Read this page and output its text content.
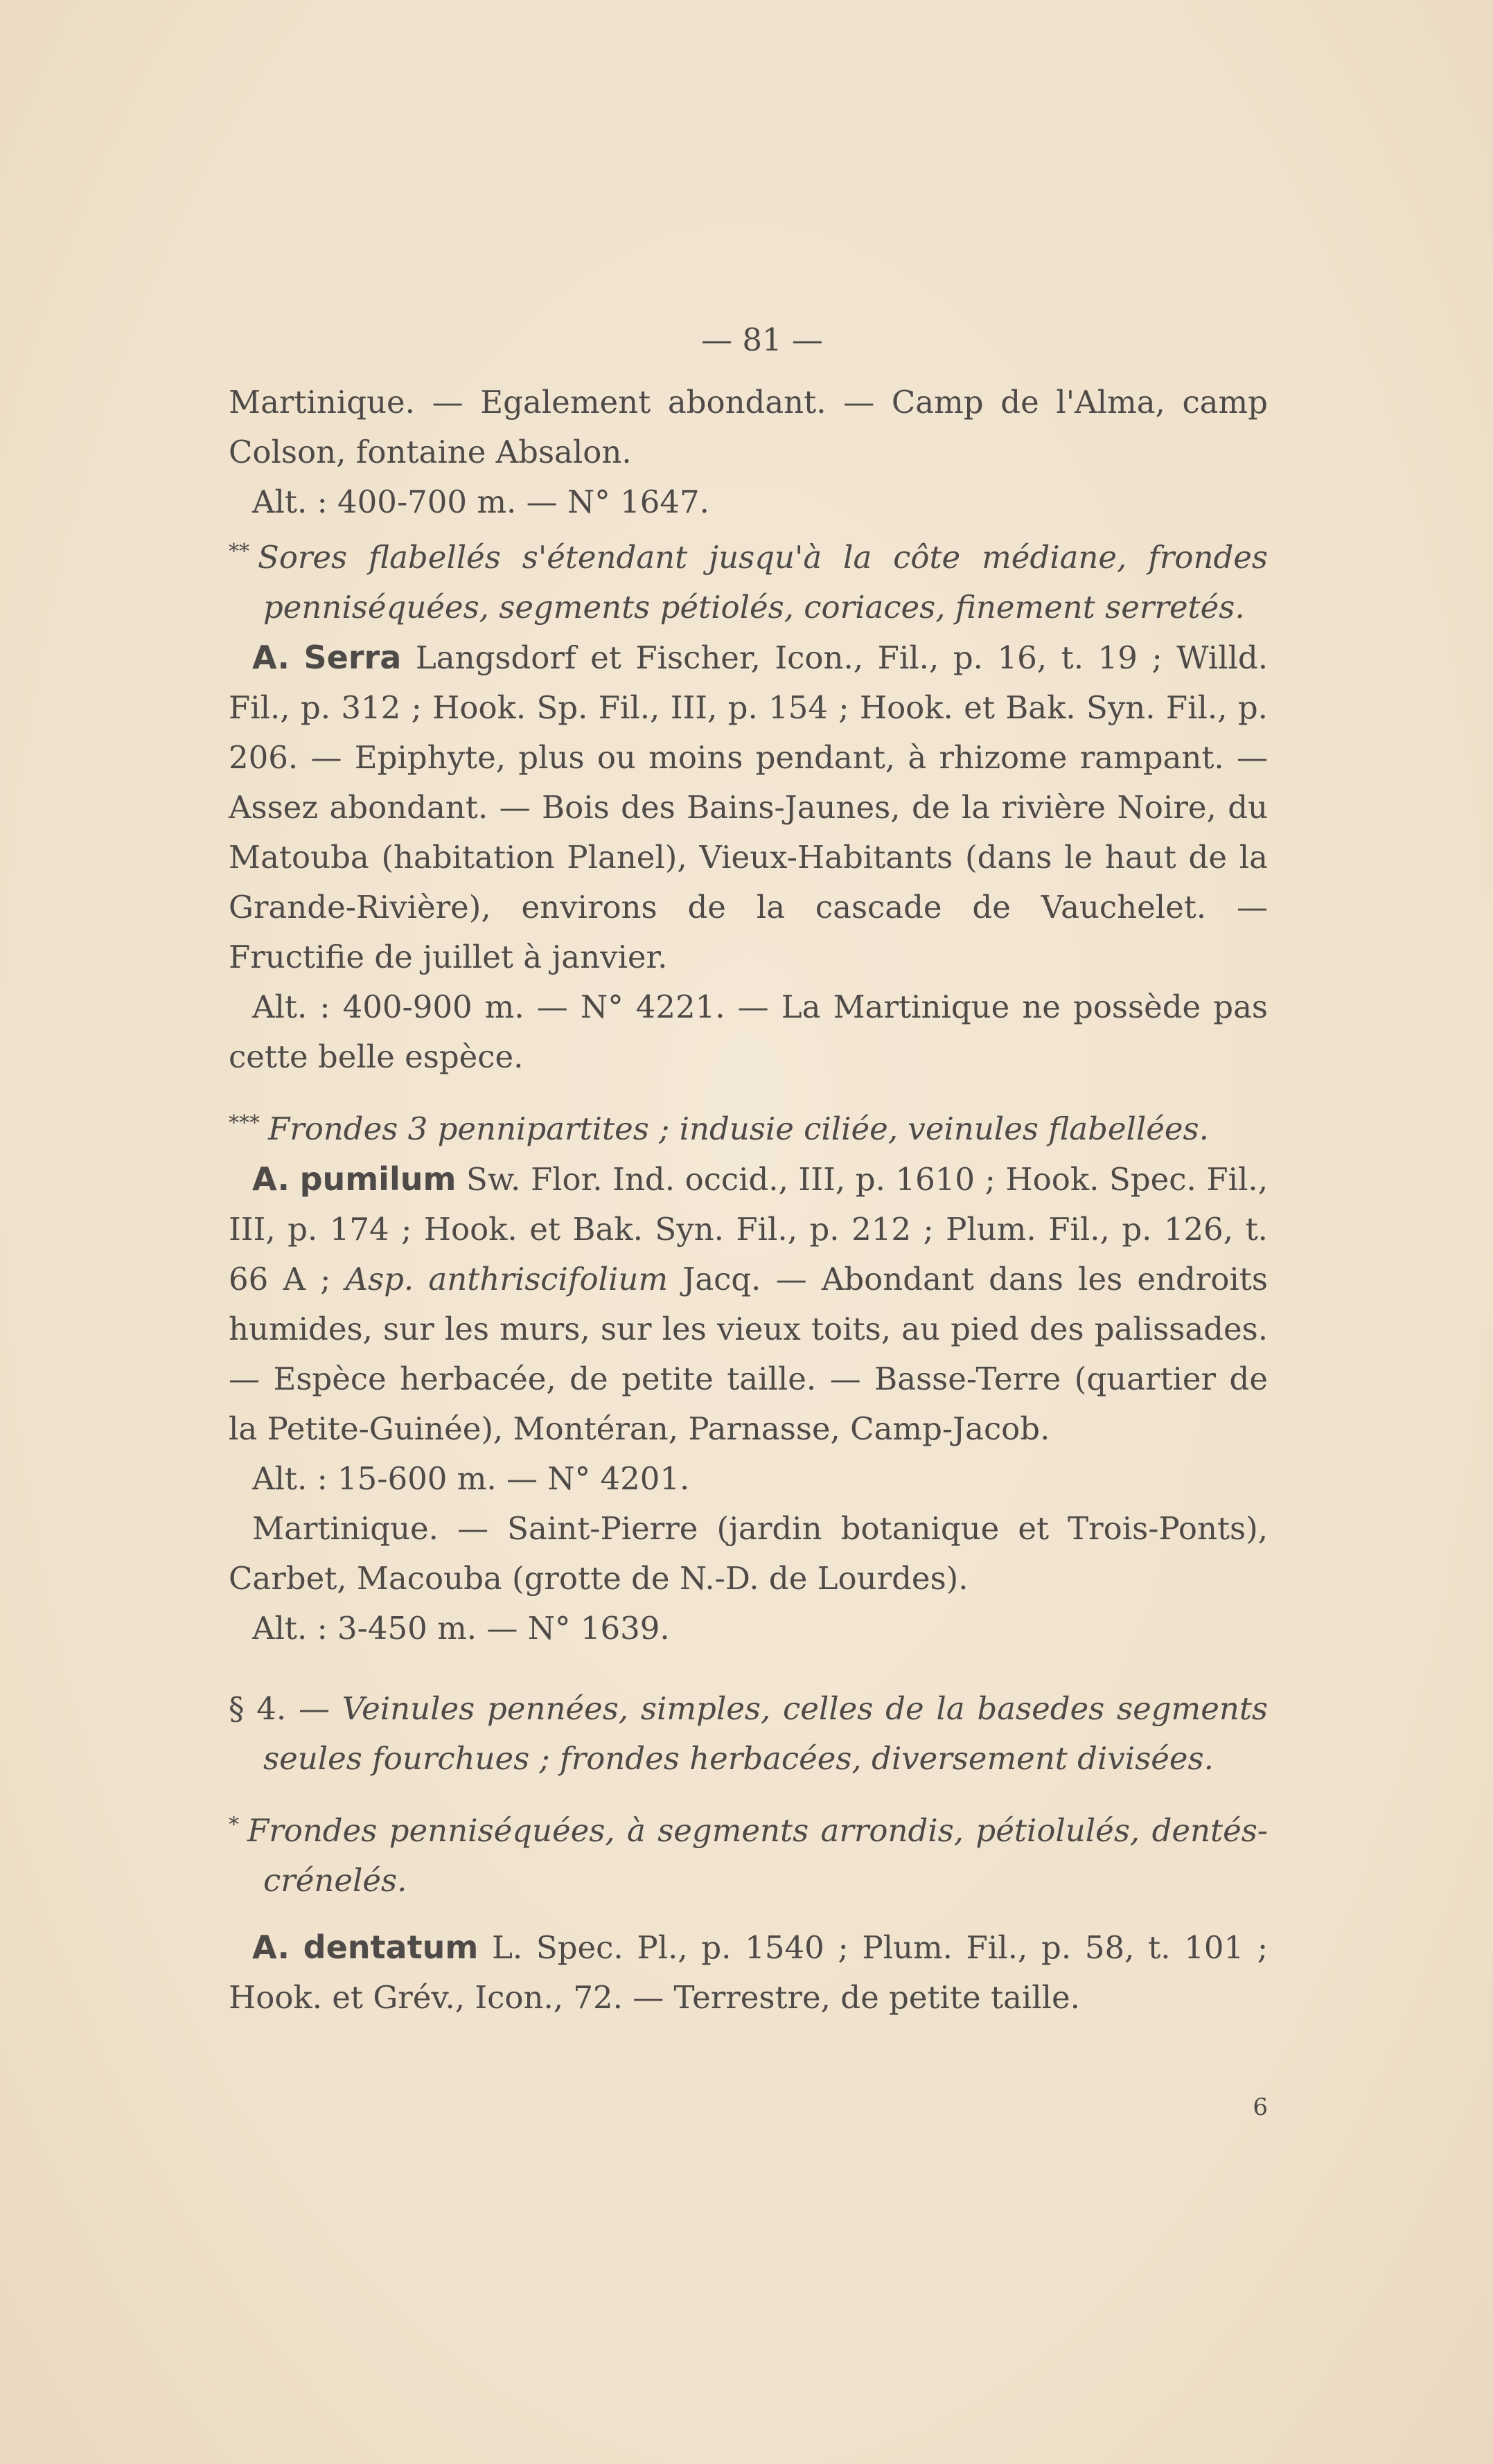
— 81 —

Martinique. — Egalement abondant. — Camp de l'Alma, camp Colson, fontaine Absalon.

Alt. : 400-700 m. — N° 1647.

** Sores flabellés s'étendant jusqu'à la côte médiane, frondes penniséquées, segments pétiolés, coriaces, finement serretés.

A. Serra Langsdorf et Fischer, Icon., Fil., p. 16, t. 19 ; Willd. Fil., p. 312 ; Hook. Sp. Fil., III, p. 154 ; Hook. et Bak. Syn. Fil., p. 206. — Epiphyte, plus ou moins pendant, à rhizome rampant. — Assez abondant. — Bois des Bains-Jaunes, de la rivière Noire, du Matouba (habitation Planel), Vieux-Habitants (dans le haut de la Grande-Rivière), environs de la cascade de Vauchelet. — Fructifie de juillet à janvier.

Alt. : 400-900 m. — N° 4221. — La Martinique ne possède pas cette belle espèce.

*** Frondes 3 pennipartites ; indusie ciliée, veinules flabellées.

A. pumilum Sw. Flor. Ind. occid., III, p. 1610 ; Hook. Spec. Fil., III, p. 174 ; Hook. et Bak. Syn. Fil., p. 212 ; Plum. Fil., p. 126, t. 66 A ; Asp. anthriscifolium Jacq. — Abondant dans les endroits humides, sur les murs, sur les vieux toits, au pied des palissades. — Espèce herbacée, de petite taille. — Basse-Terre (quartier de la Petite-Guinée), Montéran, Parnasse, Camp-Jacob.

Alt. : 15-600 m. — N° 4201.

Martinique. — Saint-Pierre (jardin botanique et Trois-Ponts), Carbet, Macouba (grotte de N.-D. de Lourdes).

Alt. : 3-450 m. — N° 1639.

§ 4. — Veinules pennées, simples, celles de la basedes segments seules fourchues ; frondes herbacées, diversement divisées.

* Frondes penniséquées, à segments arrondis, pétiolulés, dentés-crénelés.

A. dentatum L. Spec. Pl., p. 1540 ; Plum. Fil., p. 58, t. 101 ; Hook. et Grév., Icon., 72. — Terrestre, de petite taille.

6
